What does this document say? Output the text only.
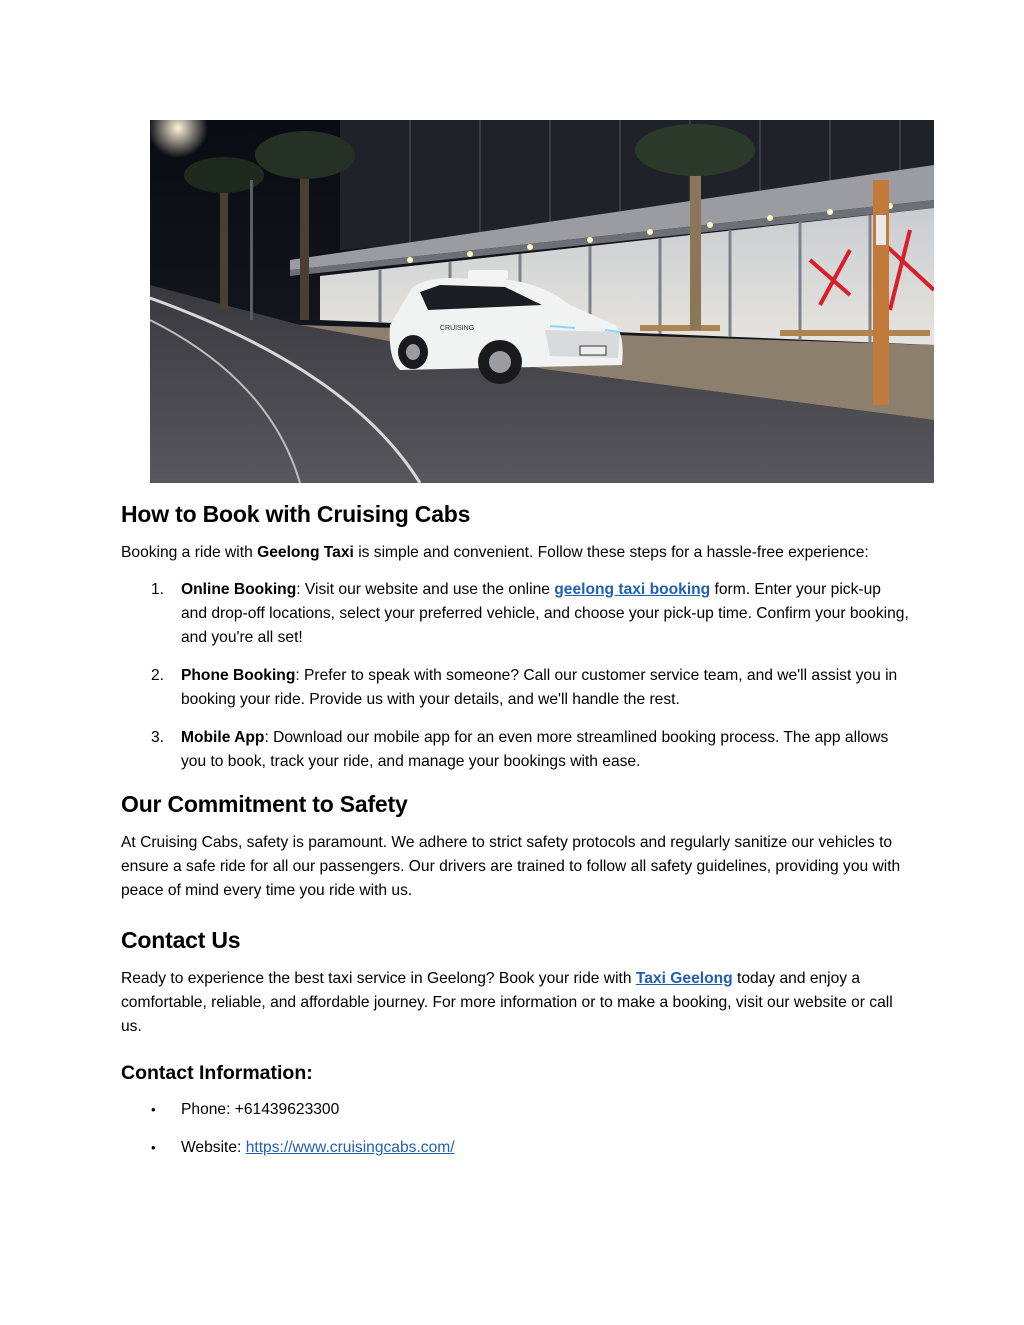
CRUISING
How to Book with Cruising Cabs

Booking a ride with Geelong Taxi is simple and convenient. Follow these steps for a hassle-free experience:

1. Online Booking: Visit our website and use the online geelong taxi booking form. Enter your pick-up and drop-off locations, select your preferred vehicle, and choose your pick-up time. Confirm your booking, and you're all set!
2. Phone Booking: Prefer to speak with someone? Call our customer service team, and we'll assist you in booking your ride. Provide us with your details, and we'll handle the rest.
3. Mobile App: Download our mobile app for an even more streamlined booking process. The app allows you to book, track your ride, and manage your bookings with ease.
Our Commitment to Safety

At Cruising Cabs, safety is paramount. We adhere to strict safety protocols and regularly sanitize our vehicles to ensure a safe ride for all our passengers. Our drivers are trained to follow all safety guidelines, providing you with peace of mind every time you ride with us.

Contact Us

Ready to experience the best taxi service in Geelong? Book your ride with Taxi Geelong today and enjoy a comfortable, reliable, and affordable journey. For more information or to make a booking, visit our website or call us.

Contact Information:
• Phone: +61439623300
• Website: https://www.cruisingcabs.com/
